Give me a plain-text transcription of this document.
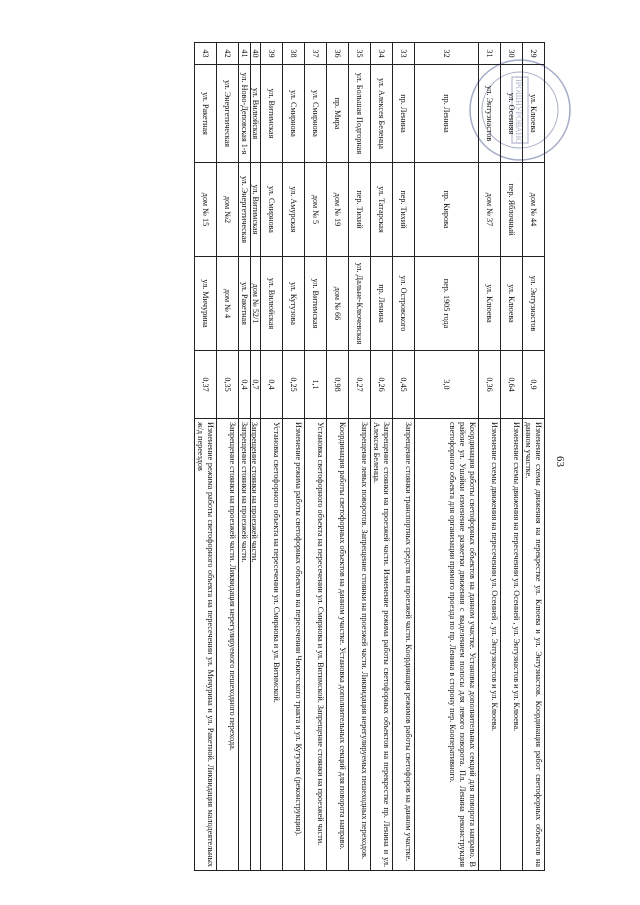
63
ПРОШНУРОВАНО
29
ул. Клюева
дом № 44
ул. Энтузиастов
0,9
Изменение схемы движения на перекрестке ул. Клюева и ул. Энтузиастов. Координация работ светофорных объектов на данном участке.
30
ул. Осенняя
пер. Яблочный
ул. Клюева
0,64
Изменение схемы движения на пересечении ул. Осенней , ул. Энтузиастов и ул. Клюева.
31
ул. Энтузиастов
дом № 37
ул. Клюева
0,36
Изменение схемы движения на пересечении ул. Осенней , ул. Энтузиастов и ул. Клюева.
32
пр. Ленина
пр. Кирова
пер. 1905 года
3,0
Координация работы светофорных объектов на данном участке. Установка дополнительных секций для поворота направо. В районе ул. Ушайки изменение разметки движения с выделением полосы для левого поворота. Пл. Ленина реконструкция светофорного объекта для организации прямого проезда по пр. Ленина в сторону пер. Кооперативного.
33
пр. Ленина
пер. Тихий
ул. Островского
0,45
Запрещение стоянки транспортных средств на проезжей части. Координация режимов работы светофоров на данном участке.
34
ул. Алексея Беленца
ул. Татарская
пр. Ленина
0,26
Запрещение стоянки на проезжей части. Изменение режима работы светофорных объектов на перекрестке пр. Ленина и ул. Алексея Беленца.
35
ул. Большая Подгорная
пер. Тихий
ул. Дальне-Ключевская
0,27
Запрещение левых поворотов. Запрещение стоянки на проезжей части. Ликвидация нерегулируемых пешеходных переходов.
36
пр. Мира
дом № 19
дом № 66
0,98
Координация работы светофорных объектов на данном участке. Установка дополнительных секций для поворота направо.
37
ул. Смирнова
дом № 5
ул. Витимская
1,1
Установка светофорного объекта на пересечении ул. Смирнова и ул. Витимской. Запрещение стоянки на проезжей части.
38
ул. Смирнова
ул. Амурская
ул. Кутузова
0,25
Изменение режима работы светофорных объектов на пересечении Чекистского тракта и ул. Кутузова (реконструкция).
39
ул. Витимская
ул. Смирнова
ул. Вилюйская
0,4
Установка светофорного объекта на пересечении ул. Смирнова и ул. Витимской.
40
ул. Вилюйская
ул. Витимская
дом № 52/1
0,7
Запрещение стоянки на проезжей части.
41
ул. Ново-Деповская 1-я
ул. Энергетическая
ул. Ракетная
0,4
Запрещение стоянки на проезжей части.
42
ул. Энергетическая
дом №2
дом № 4
0,35
Запрещение стоянки на проезжей части. Ликвидация нерегулируемого пешеходного перехода.
43
ул. Ракетная
дом № 15
ул. Мичурина
0,37
Изменение режима работы светофорного объекта на пересечении ул. Мичурина и ул. Ракетной. Ликвидация малодеятельных ж/д переездов
